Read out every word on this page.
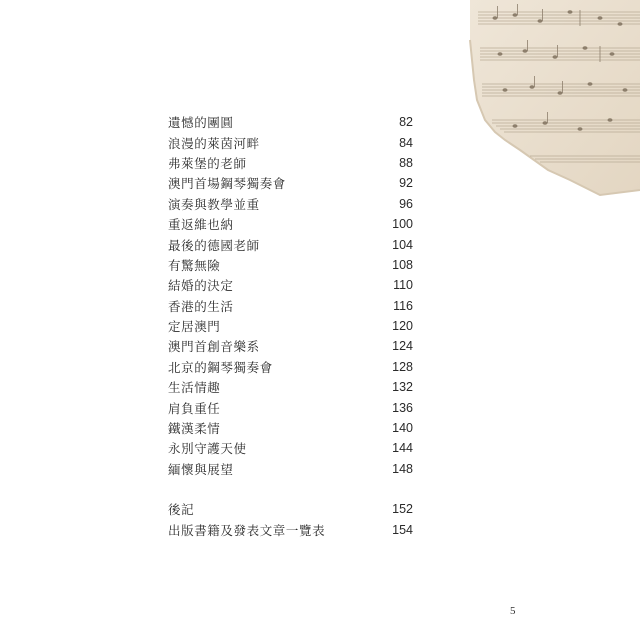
遺憾的團圓	82
浪漫的萊茵河畔	84
弗萊堡的老師	88
澳門首場鋼琴獨奏會	92
演奏與教學並重	96
重返維也納	100
最後的德國老師	104
有驚無險	108
結婚的決定	110
香港的生活	116
定居澳門	120
澳門首創音樂系	124
北京的鋼琴獨奏會	128
生活情趣	132
肩負重任	136
鐵漢柔情	140
永別守護天使	144
緬懷與展望	148
後記	152
出版書籍及發表文章一覽表	154
5
